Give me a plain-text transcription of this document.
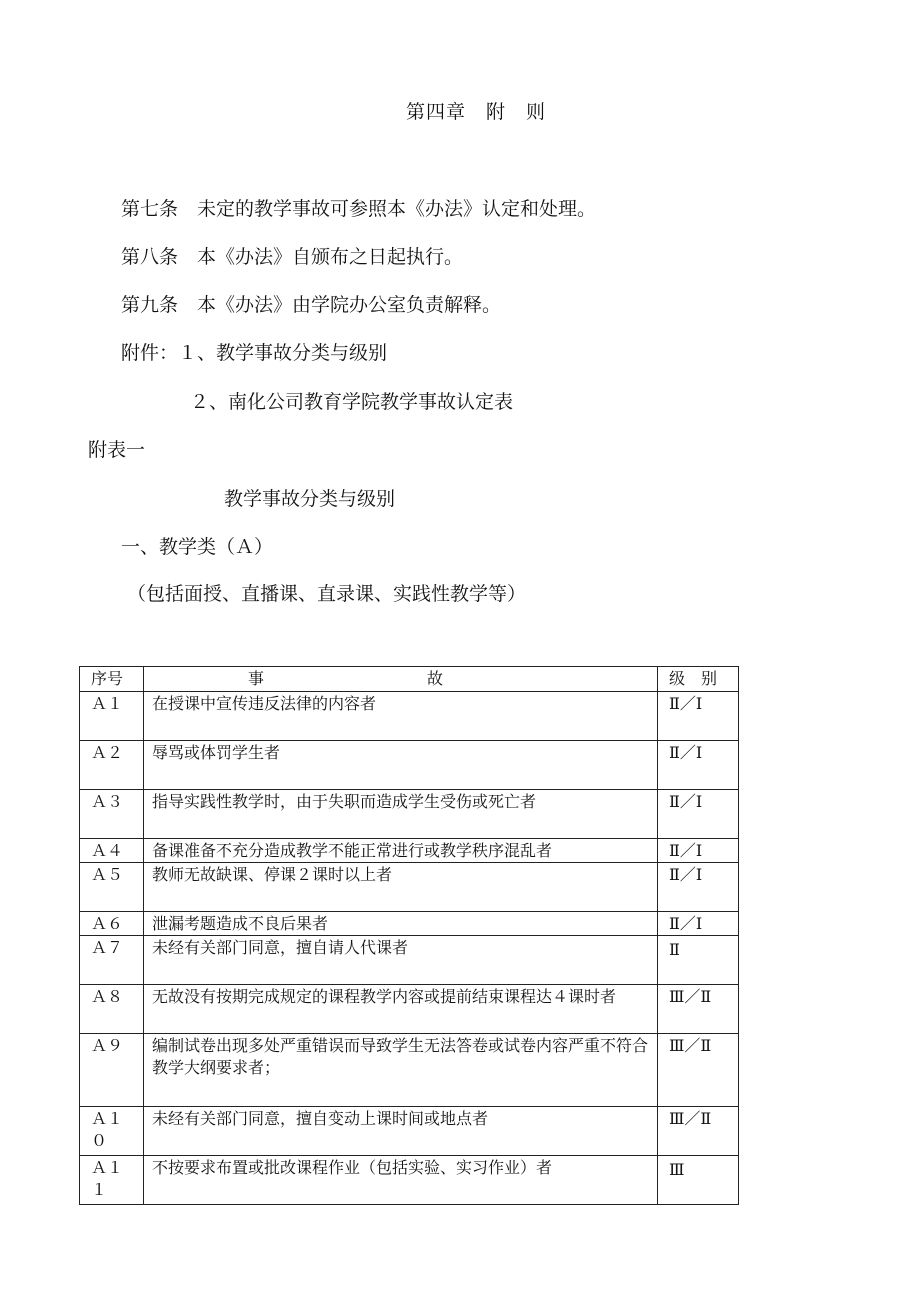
第四章　附　则
第七条　未定的教学事故可参照本《办法》认定和处理。
第八条　本《办法》自颁布之日起执行。
第九条　本《办法》由学院办公室负责解释。
附件：１、教学事故分类与级别
２、南化公司教育学院教学事故认定表
附表一
教学事故分类与级别
一、教学类（Ａ）
（包括面授、直播课、直录课、实践性教学等）
序号	事 故	级　别
Ａ１	在授课中宣传违反法律的内容者	Ⅱ／Ⅰ
Ａ２	辱骂或体罚学生者	Ⅱ／Ⅰ
Ａ３	指导实践性教学时，由于失职而造成学生受伤或死亡者	Ⅱ／Ⅰ
Ａ４	备课准备不充分造成教学不能正常进行或教学秩序混乱者	Ⅱ／Ⅰ
Ａ５	教师无故缺课、停课２课时以上者	Ⅱ／Ⅰ
Ａ６	泄漏考题造成不良后果者	Ⅱ／Ⅰ
Ａ７	未经有关部门同意，擅自请人代课者	Ⅱ
Ａ８	无故没有按期完成规定的课程教学内容或提前结束课程达４课时者	Ⅲ／Ⅱ
Ａ９	编制试卷出现多处严重错误而导致学生无法答卷或试卷内容严重不符合教学大纲要求者；	Ⅲ／Ⅱ
Ａ１０	未经有关部门同意，擅自变动上课时间或地点者	Ⅲ／Ⅱ
Ａ１１	不按要求布置或批改课程作业（包括实验、实习作业）者	Ⅲ
